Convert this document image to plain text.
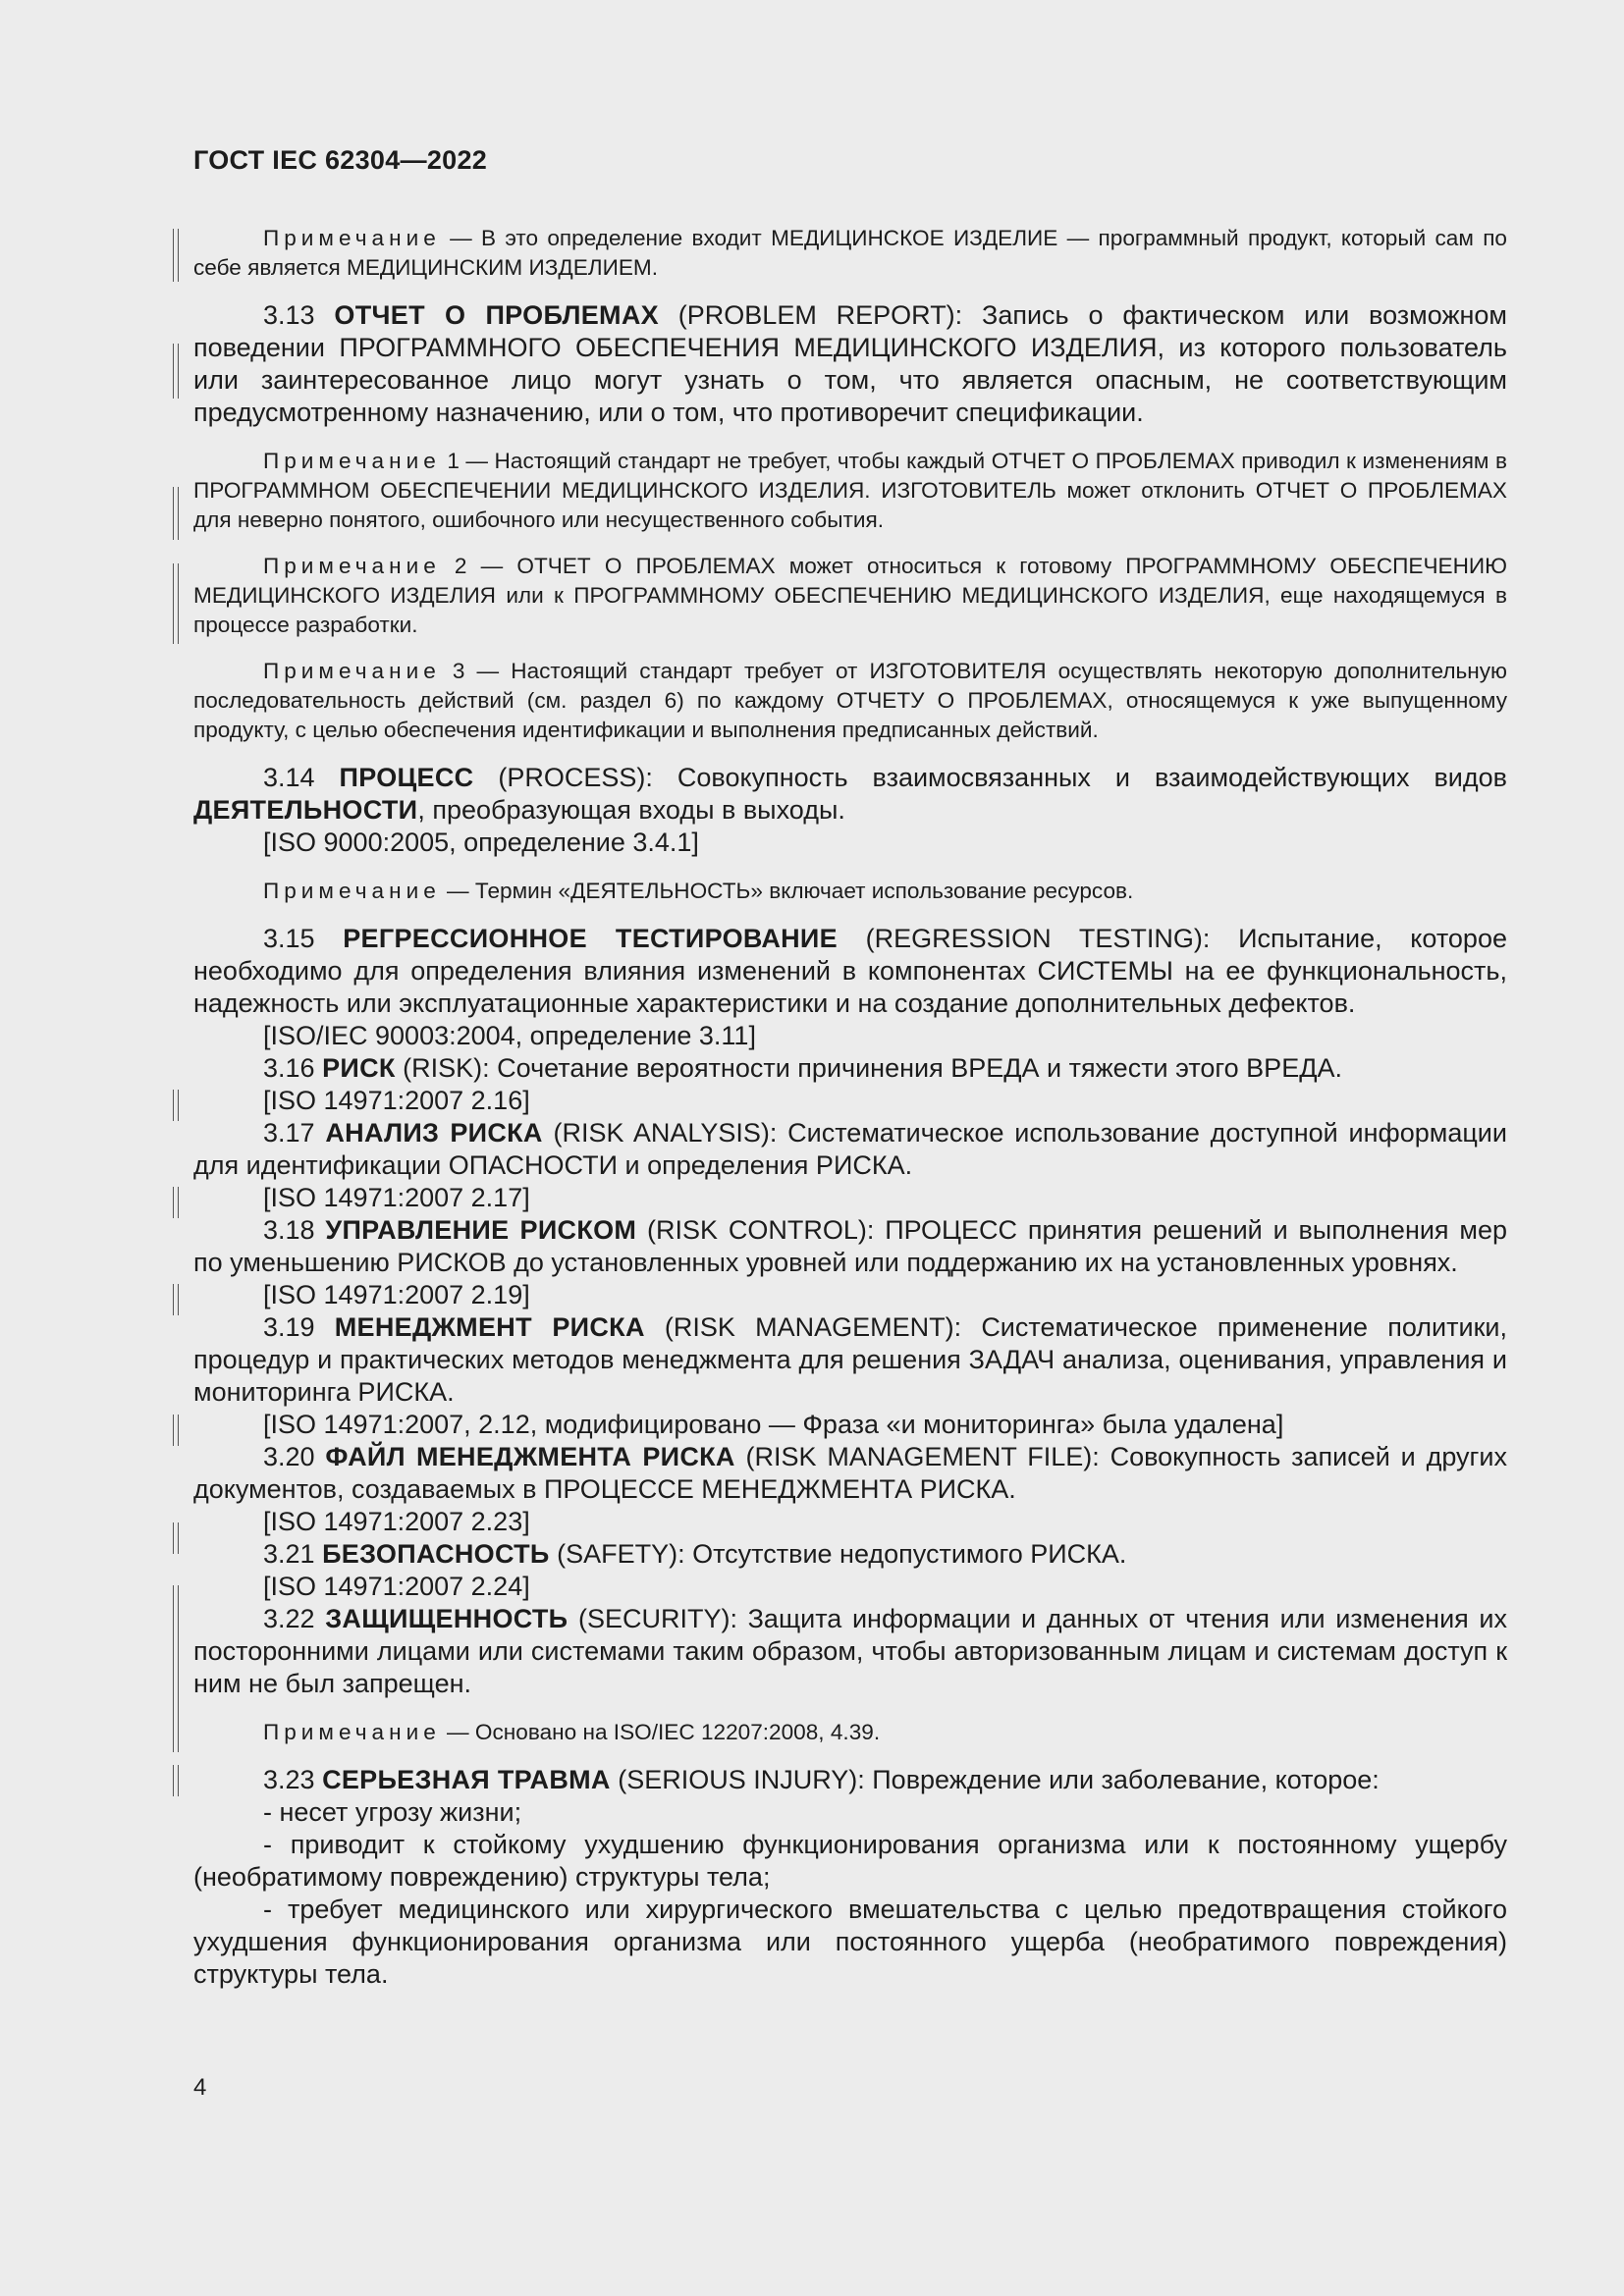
ГОСТ IEC 62304—2022

Примечание — В это определение входит МЕДИЦИНСКОЕ ИЗДЕЛИЕ — программный продукт, который сам по себе является МЕДИЦИНСКИМ ИЗДЕЛИЕМ.

3.13 ОТЧЕТ О ПРОБЛЕМАХ (PROBLEM REPORT): Запись о фактическом или возможном поведении ПРОГРАММНОГО ОБЕСПЕЧЕНИЯ МЕДИЦИНСКОГО ИЗДЕЛИЯ, из которого пользователь или заинтересованное лицо могут узнать о том, что является опасным, не соответствующим предусмотренному назначению, или о том, что противоречит спецификации.

Примечание 1 — Настоящий стандарт не требует, чтобы каждый ОТЧЕТ О ПРОБЛЕМАХ приводил к изменениям в ПРОГРАММНОМ ОБЕСПЕЧЕНИИ МЕДИЦИНСКОГО ИЗДЕЛИЯ. ИЗГОТОВИТЕЛЬ может отклонить ОТЧЕТ О ПРОБЛЕМАХ для неверно понятого, ошибочного или несущественного события.

Примечание 2 — ОТЧЕТ О ПРОБЛЕМАХ может относиться к готовому ПРОГРАММНОМУ ОБЕСПЕЧЕНИЮ МЕДИЦИНСКОГО ИЗДЕЛИЯ или к ПРОГРАММНОМУ ОБЕСПЕЧЕНИЮ МЕДИЦИНСКОГО ИЗДЕЛИЯ, еще находящемуся в процессе разработки.

Примечание 3 — Настоящий стандарт требует от ИЗГОТОВИТЕЛЯ осуществлять некоторую дополнительную последовательность действий (см. раздел 6) по каждому ОТЧЕТУ О ПРОБЛЕМАХ, относящемуся к уже выпущенному продукту, с целью обеспечения идентификации и выполнения предписанных действий.

3.14 ПРОЦЕСС (PROCESS): Совокупность взаимосвязанных и взаимодействующих видов ДЕЯТЕЛЬНОСТИ, преобразующая входы в выходы.

[ISO 9000:2005, определение 3.4.1]

Примечание — Термин «ДЕЯТЕЛЬНОСТЬ» включает использование ресурсов.

3.15 РЕГРЕССИОННОЕ ТЕСТИРОВАНИЕ (REGRESSION TESTING): Испытание, которое необходимо для определения влияния изменений в компонентах СИСТЕМЫ на ее функциональность, надежность или эксплуатационные характеристики и на создание дополнительных дефектов.

[ISO/IEC 90003:2004, определение 3.11]

3.16 РИСК (RISK): Сочетание вероятности причинения ВРЕДА и тяжести этого ВРЕДА.

[ISO 14971:2007 2.16]

3.17 АНАЛИЗ РИСКА (RISK ANALYSIS): Систематическое использование доступной информации для идентификации ОПАСНОСТИ и определения РИСКА.

[ISO 14971:2007 2.17]

3.18 УПРАВЛЕНИЕ РИСКОМ (RISK CONTROL): ПРОЦЕСС принятия решений и выполнения мер по уменьшению РИСКОВ до установленных уровней или поддержанию их на установленных уровнях.

[ISO 14971:2007 2.19]

3.19 МЕНЕДЖМЕНТ РИСКА (RISK MANAGEMENT): Систематическое применение политики, процедур и практических методов менеджмента для решения ЗАДАЧ анализа, оценивания, управления и мониторинга РИСКА.

[ISO 14971:2007, 2.12, модифицировано — Фраза «и мониторинга» была удалена]

3.20 ФАЙЛ МЕНЕДЖМЕНТА РИСКА (RISK MANAGEMENT FILE): Совокупность записей и других документов, создаваемых в ПРОЦЕССЕ МЕНЕДЖМЕНТА РИСКА.

[ISO 14971:2007 2.23]

3.21 БЕЗОПАСНОСТЬ (SAFETY): Отсутствие недопустимого РИСКА.

[ISO 14971:2007 2.24]

3.22 ЗАЩИЩЕННОСТЬ (SECURITY): Защита информации и данных от чтения или изменения их посторонними лицами или системами таким образом, чтобы авторизованным лицам и системам доступ к ним не был запрещен.

Примечание — Основано на ISO/IEC 12207:2008, 4.39.

3.23 СЕРЬЕЗНАЯ ТРАВМА (SERIOUS INJURY): Повреждение или заболевание, которое:

- несет угрозу жизни;

- приводит к стойкому ухудшению функционирования организма или к постоянному ущербу (необратимому повреждению) структуры тела;

- требует медицинского или хирургического вмешательства с целью предотвращения стойкого ухудшения функционирования организма или постоянного ущерба (необратимого повреждения) структуры тела.

4
